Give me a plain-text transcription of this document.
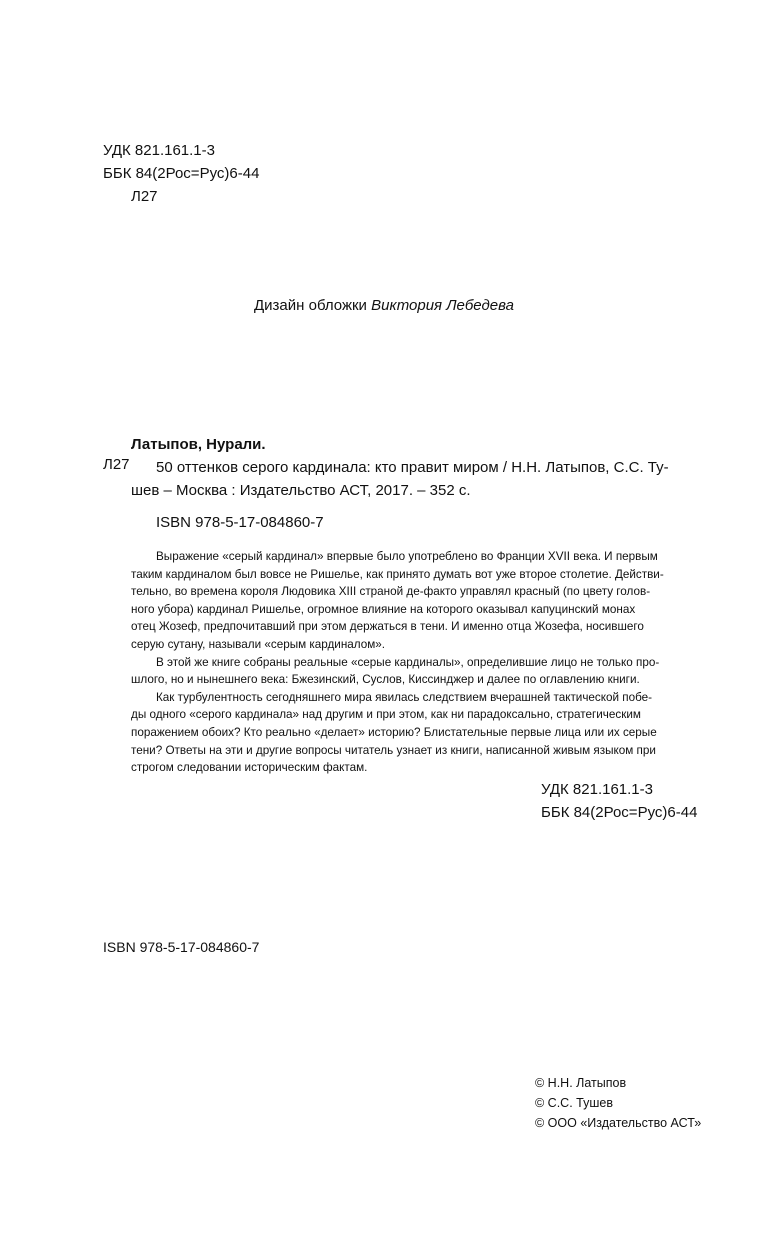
УДК 821.161.1-3
ББК 84(2Рос=Рус)6-44
Л27
Дизайн обложки Виктория Лебедева
Латыпов, Нурали.
Л27	50 оттенков серого кардинала: кто правит миром / Н.Н. Латыпов, С.С. Ту-
шев – Москва : Издательство АСТ, 2017. – 352 с.
ISBN 978-5-17-084860-7
Выражение «серый кардинал» впервые было употреблено во Франции XVII века. И первым
таким кардиналом был вовсе не Ришелье, как принято думать вот уже второе столетие. Действи-
тельно, во времена короля Людовика XIII страной де-факто управлял красный (по цвету голов-
ного убора) кардинал Ришелье, огромное влияние на которого оказывал капуцинский монах
отец Жозеф, предпочитавший при этом держаться в тени. И именно отца Жозефа, носившего
серую сутану, называли «серым кардиналом».
В этой же книге собраны реальные «серые кардиналы», определившие лицо не только про-
шлого, но и нынешнего века: Бжезинский, Суслов, Киссинджер и далее по оглавлению книги.
Как турбулентность сегодняшнего мира явилась следствием вчерашней тактической побе-
ды одного «серого кардинала» над другим и при этом, как ни парадоксально, стратегическим
поражением обоих? Кто реально «делает» историю? Блистательные первые лица или их серые
тени? Ответы на эти и другие вопросы читатель узнает из книги, написанной живым языком при
строгом следовании историческим фактам.
УДК 821.161.1-3
ББК 84(2Рос=Рус)6-44
ISBN 978-5-17-084860-7
© Н.Н. Латыпов
© С.С. Тушев
© ООО «Издательство АСТ»
